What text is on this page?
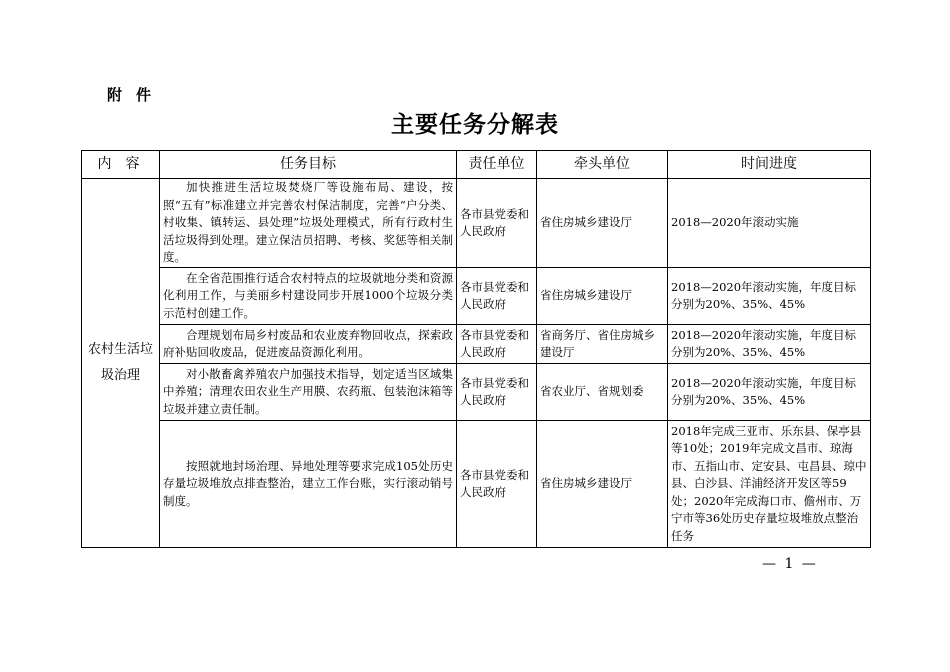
附件
主要任务分解表
内容	任务目标	责任单位	牵头单位	时间进度
农村生活垃圾治理	加快推进生活垃圾焚烧厂等设施布局、建设，按照“五有”标准建立并完善农村保洁制度，完善“户分类、村收集、镇转运、县处理”垃圾处理模式，所有行政村生活垃圾得到处理。建立保洁员招聘、考核、奖惩等相关制度。	各市县党委和人民政府	省住房城乡建设厅	2018—2020年滚动实施
	在全省范围推行适合农村特点的垃圾就地分类和资源化利用工作，与美丽乡村建设同步开展1000个垃圾分类示范村创建工作。	各市县党委和人民政府	省住房城乡建设厅	2018—2020年滚动实施，年度目标分别为20%、35%、45%
	合理规划布局乡村废品和农业废弃物回收点，探索政府补贴回收废品，促进废品资源化利用。	各市县党委和人民政府	省商务厅、省住房城乡建设厅	2018—2020年滚动实施，年度目标分别为20%、35%、45%
	对小散畜禽养殖农户加强技术指导，划定适当区域集中养殖；清理农田农业生产用膜、农药瓶、包装泡沫箱等垃圾并建立责任制。	各市县党委和人民政府	省农业厅、省规划委	2018—2020年滚动实施，年度目标分别为20%、35%、45%
	按照就地封场治理、异地处理等要求完成105处历史存量垃圾堆放点排查整治，建立工作台账，实行滚动销号制度。	各市县党委和人民政府	省住房城乡建设厅	2018年完成三亚市、乐东县、保亭县等10处；2019年完成文昌市、琼海市、五指山市、定安县、屯昌县、琼中县、白沙县、洋浦经济开发区等59处；2020年完成海口市、儋州市、万宁市等36处历史存量垃圾堆放点整治任务
— 1 —
